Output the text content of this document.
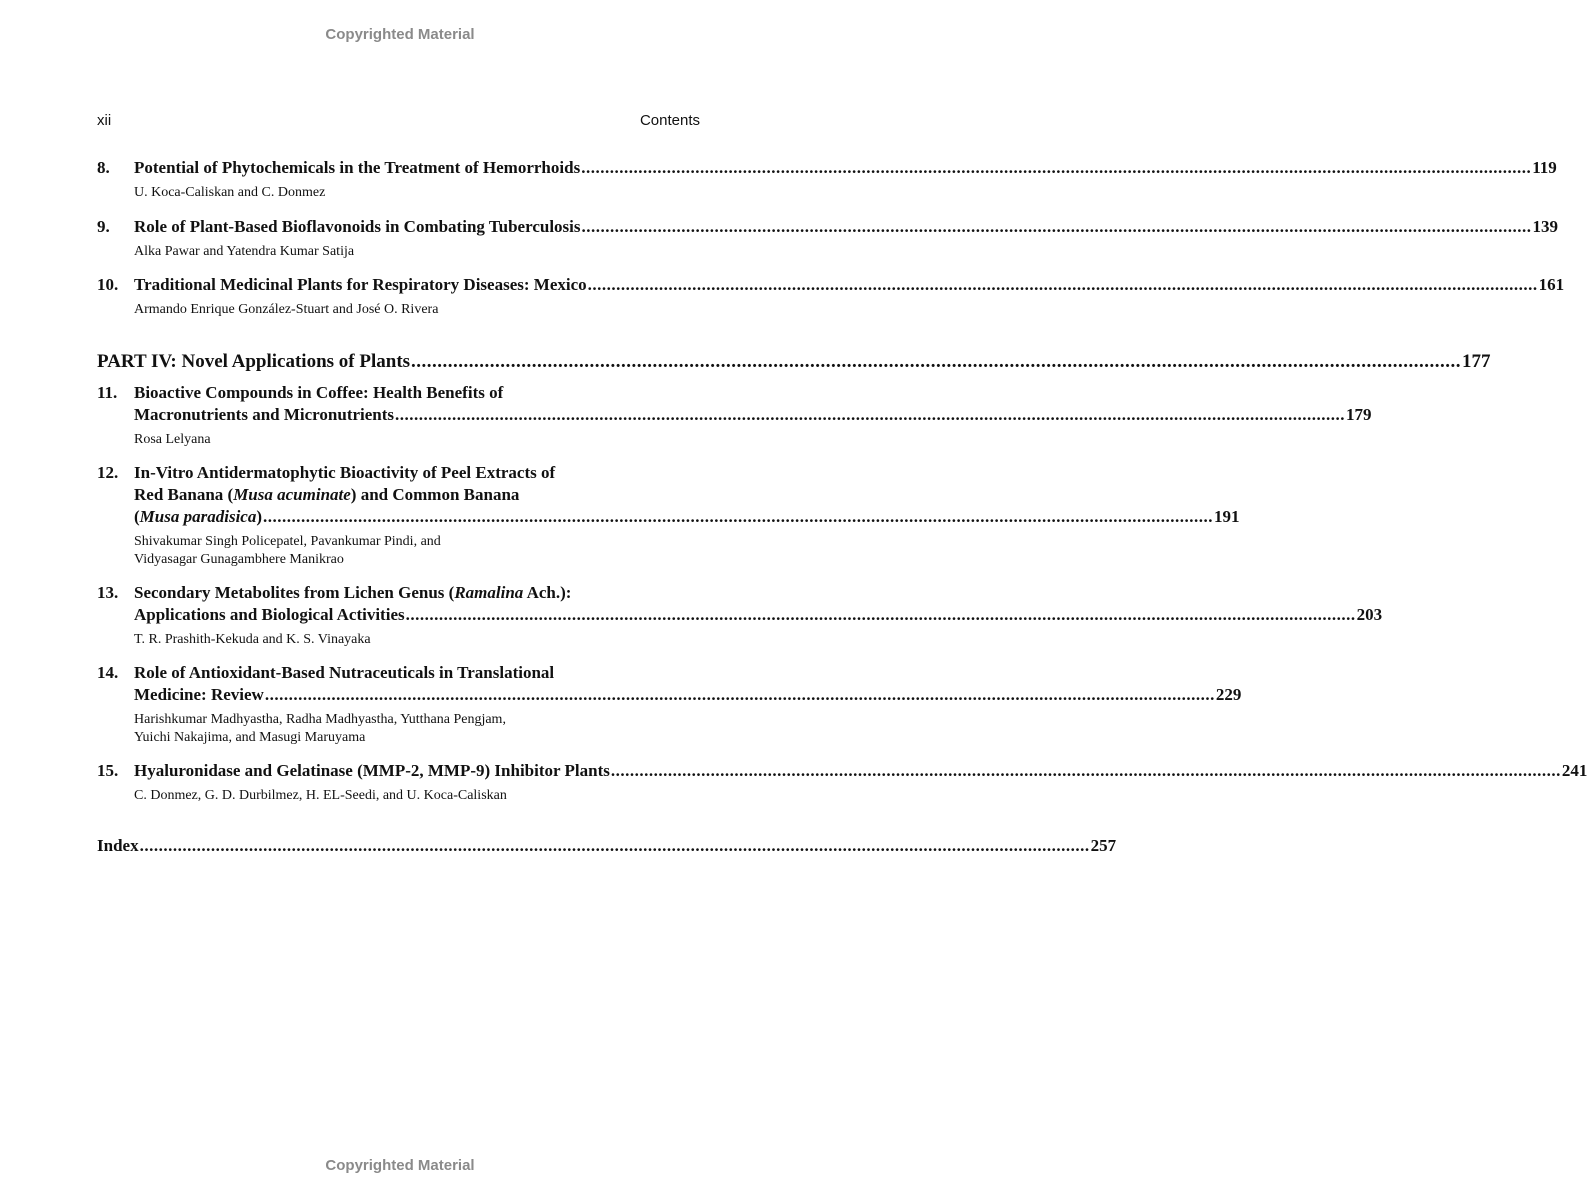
Copyrighted Material
xii	Contents
8.	Potential of Phytochemicals in the Treatment of Hemorrhoids .....	119
U. Koca-Caliskan and C. Donmez
9.	Role of Plant-Based Bioflavonoids in Combating Tuberculosis .....	139
Alka Pawar and Yatendra Kumar Satija
10. Traditional Medicinal Plants for Respiratory Diseases: Mexico .....	161
Armando Enrique González-Stuart and José O. Rivera
PART IV: Novel Applications of Plants .....	177
11. Bioactive Compounds in Coffee: Health Benefits of
Macronutrients and Micronutrients .....	179
Rosa Lelyana
12. In-Vitro Antidermatophytic Bioactivity of Peel Extracts of
Red Banana (Musa acuminate) and Common Banana
(Musa paradisica) .....	191
Shivakumar Singh Policepatel, Pavankumar Pindi, and
Vidyasagar Gunagambhere Manikrao
13. Secondary Metabolites from Lichen Genus (Ramalina Ach.):
Applications and Biological Activities .....	203
T. R. Prashith-Kekuda and K. S. Vinayaka
14. Role of Antioxidant-Based Nutraceuticals in Translational
Medicine: Review .....	229
Harishkumar Madhyastha, Radha Madhyastha, Yutthana Pengjam,
Yuichi Nakajima, and Masugi Maruyama
15. Hyaluronidase and Gelatinase (MMP-2, MMP-9) Inhibitor Plants .....	241
C. Donmez, G. D. Durbilmez, H. EL-Seedi, and U. Koca-Caliskan
Index .....	257
Copyrighted Material
